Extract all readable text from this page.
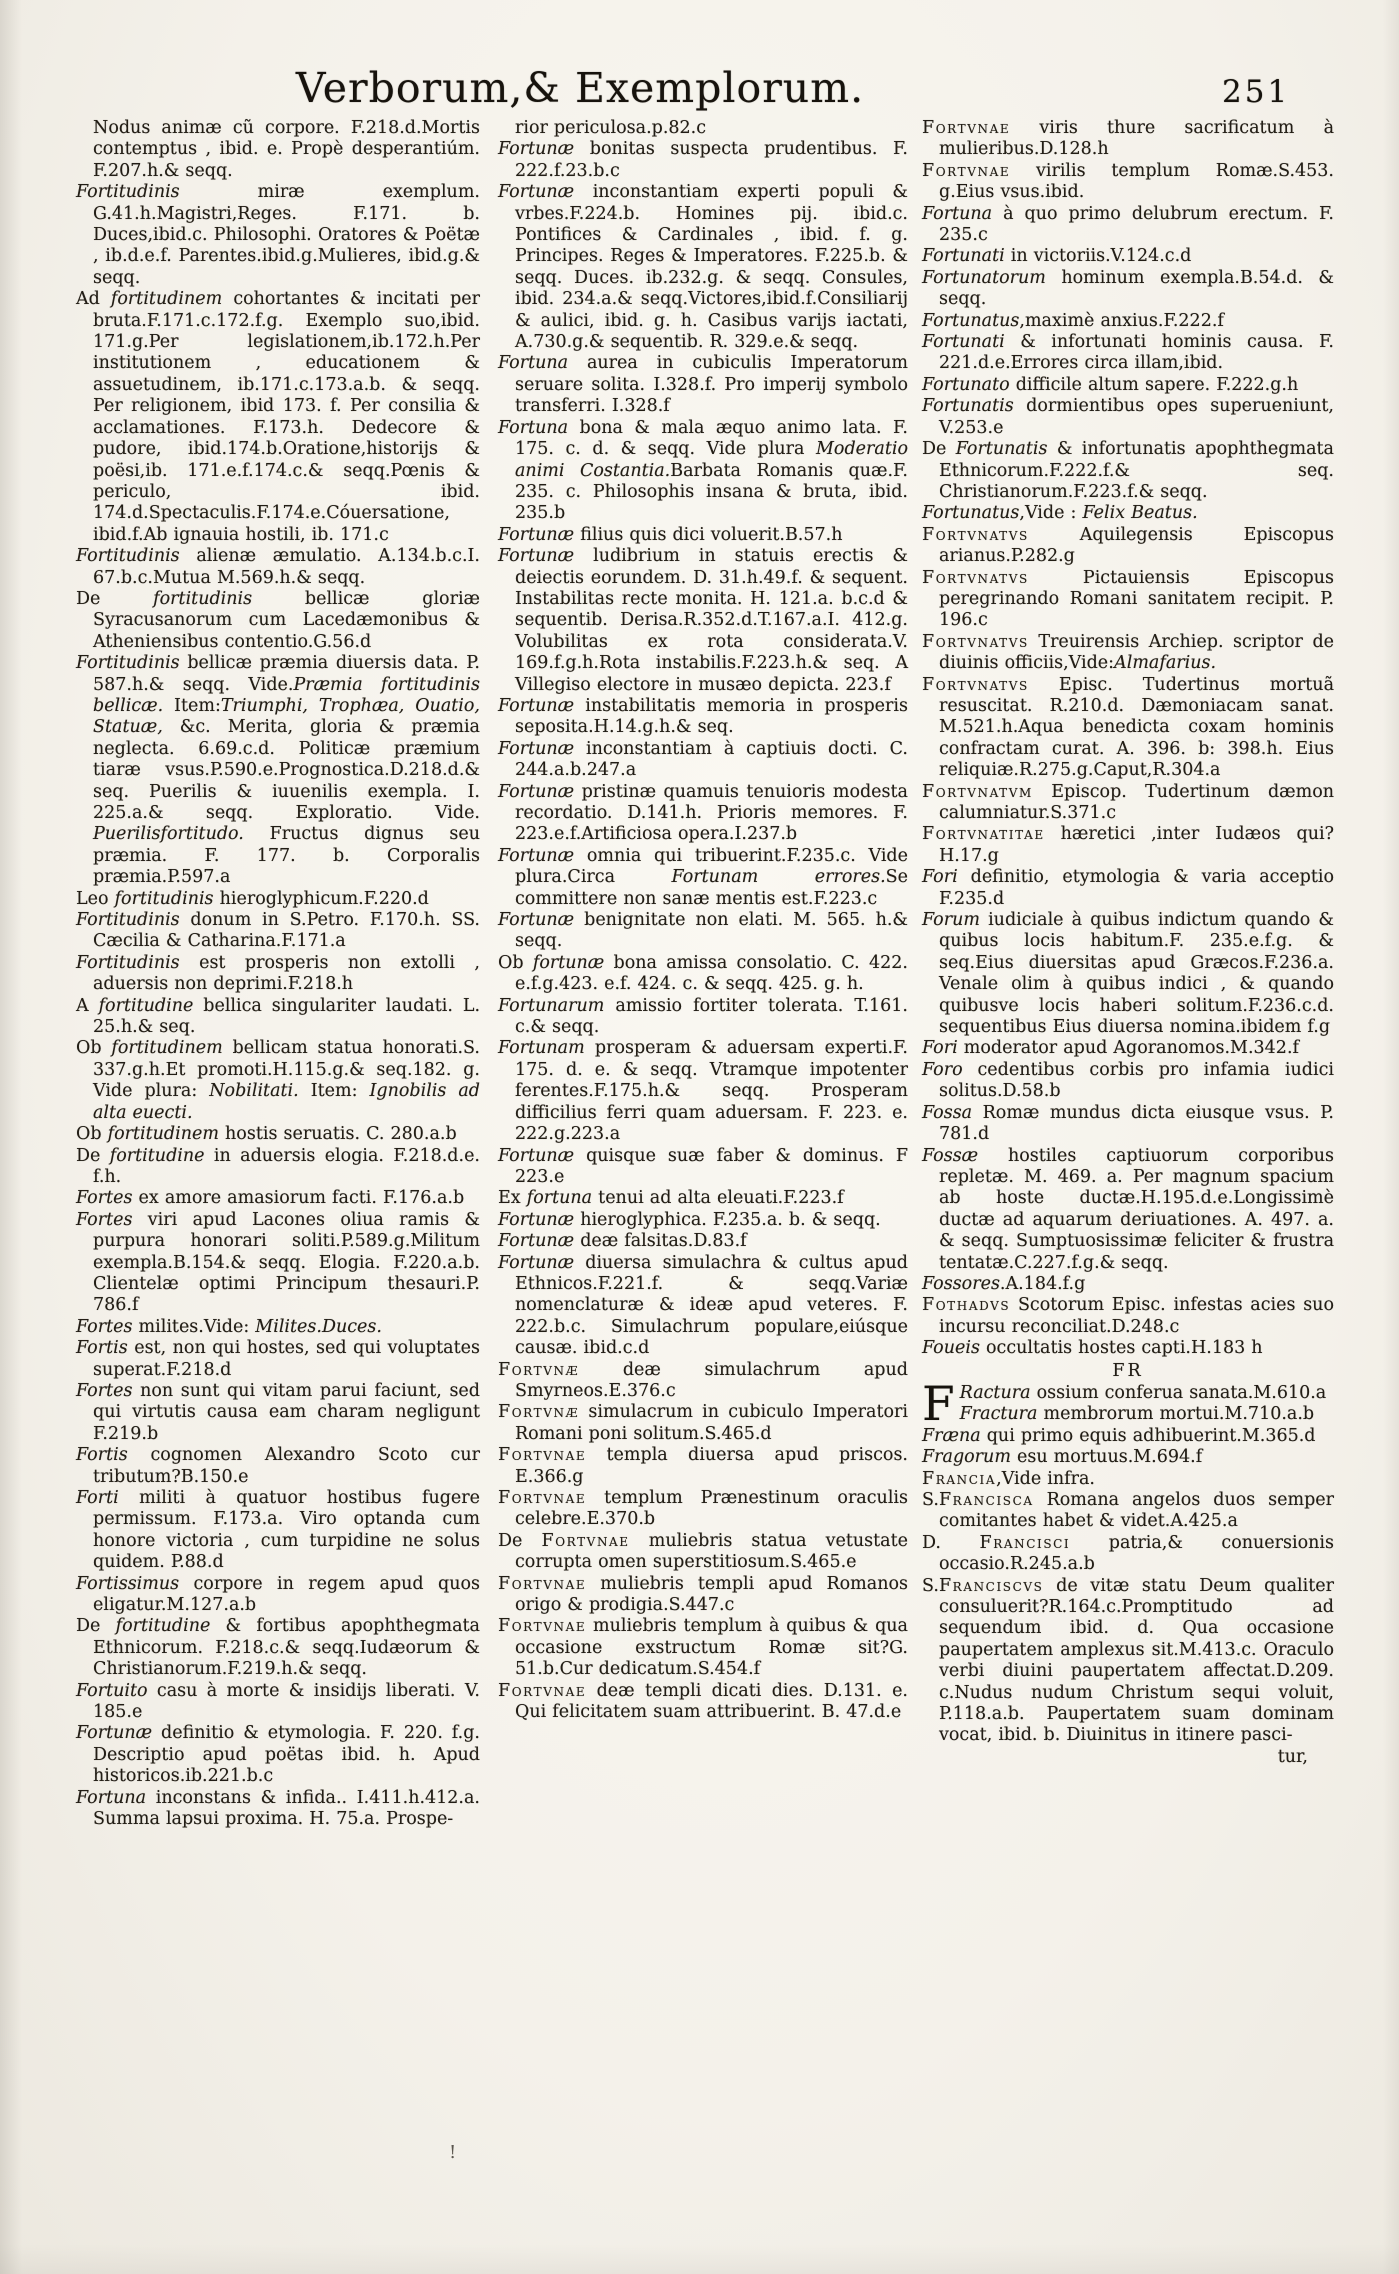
Verborum,& Exemplorum.	251

Nodus animæ cũ corpore. F.218.d.Mortis contemptus , ibid. e. Propè desperantiúm. F.207.h.& seqq.

Fortitudinis miræ exemplum. G.41.h.Magistri,Reges. F.171. b. Duces,ibid.c. Philosophi. Oratores & Poëtæ , ib.d.e.f. Parentes.ibid.g.Mulieres, ibid.g.& seqq.

Ad fortitudinem cohortantes & incitati per bruta.F.171.c.172.f.g. Exemplo suo,ibid. 171.g.Per legislationem,ib.172.h.Per institutionem , educationem & assuetudinem, ib.171.c.173.a.b. & seqq. Per religionem, ibid 173. f. Per consilia & acclamationes. F.173.h. Dedecore & pudore, ibid.174.b.Oratione,historijs & poësi,ib. 171.e.f.174.c.& seqq.Pœnis & periculo, ibid. 174.d.Spectaculis.F.174.e.Cóuersatione, ibid.f.Ab ignauia hostili, ib. 171.c

Fortitudinis alienæ æmulatio. A.134.b.c.I. 67.b.c.Mutua M.569.h.& seqq.

De fortitudinis bellicæ gloriæ Syracusanorum cum Lacedæmonibus & Atheniensibus contentio.G.56.d

Fortitudinis bellicæ præmia diuersis data. P. 587.h.& seqq. Vide.Præmia fortitudinis bellicæ. Item:Triumphi, Trophæa, Ouatio, Statuæ, &c. Merita, gloria & præmia neglecta. 6.69.c.d. Politicæ præmium tiaræ vsus.P.590.e.Prognostica.D.218.d.& seq. Puerilis & iuuenilis exempla. I. 225.a.& seqq. Exploratio. Vide. Puerilisfortitudo. Fructus dignus seu præmia. F. 177. b. Corporalis præmia.P.597.a

Leo fortitudinis hieroglyphicum.F.220.d

Fortitudinis donum in S.Petro. F.170.h. SS. Cæcilia & Catharina.F.171.a

Fortitudinis est prosperis non extolli , aduersis non deprimi.F.218.h

A fortitudine bellica singulariter laudati. L. 25.h.& seq.

Ob fortitudinem bellicam statua honorati.S. 337.g.h.Et promoti.H.115.g.& seq.182. g. Vide plura: Nobilitati. Item: Ignobilis ad alta euecti.

Ob fortitudinem hostis seruatis. C. 280.a.b

De fortitudine in aduersis elogia. F.218.d.e. f.h.

Fortes ex amore amasiorum facti. F.176.a.b

Fortes viri apud Lacones oliua ramis & purpura honorari soliti.P.589.g.Militum exempla.B.154.& seqq. Elogia. F.220.a.b. Clientelæ optimi Principum thesauri.P. 786.f

Fortes milites.Vide: Milites.Duces.

Fortis est, non qui hostes, sed qui voluptates superat.F.218.d

Fortes non sunt qui vitam parui faciunt, sed qui virtutis causa eam charam negligunt F.219.b

Fortis cognomen Alexandro Scoto cur tributum?B.150.e

Forti militi à quatuor hostibus fugere permissum. F.173.a. Viro optanda cum honore victoria , cum turpidine ne solus quidem. P.88.d

Fortissimus corpore in regem apud quos eligatur.M.127.a.b

De fortitudine & fortibus apophthegmata Ethnicorum. F.218.c.& seqq.Iudæorum & Christianorum.F.219.h.& seqq.

Fortuito casu à morte & insidijs liberati. V. 185.e

Fortunæ definitio & etymologia. F. 220. f.g. Descriptio apud poëtas ibid. h. Apud historicos.ib.221.b.c

Fortuna inconstans & infida.. I.411.h.412.a. Summa lapsui proxima. H. 75.a. Prospe-

rior periculosa.p.82.c

Fortunæ bonitas suspecta prudentibus. F. 222.f.23.b.c

Fortunæ inconstantiam experti populi & vrbes.F.224.b. Homines pij. ibid.c. Pontifices & Cardinales , ibid. f. g. Principes. Reges & Imperatores. F.225.b. & seqq. Duces. ib.232.g. & seqq. Consules, ibid. 234.a.& seqq.Victores,ibid.f.Consiliarij & aulici, ibid. g. h. Casibus varijs iactati, A.730.g.& sequentib. R. 329.e.& seqq.

Fortuna aurea in cubiculis Imperatorum seruare solita. I.328.f. Pro imperij symbolo transferri. I.328.f

Fortuna bona & mala æquo animo lata. F. 175. c. d. & seqq. Vide plura Moderatio animi Costantia.Barbata Romanis quæ.F. 235. c. Philosophis insana & bruta, ibid. 235.b

Fortunæ filius quis dici voluerit.B.57.h

Fortunæ ludibrium in statuis erectis & deiectis eorundem. D. 31.h.49.f. & sequent. Instabilitas recte monita. H. 121.a. b.c.d & sequentib. Derisa.R.352.d.T.167.a.I. 412.g. Volubilitas ex rota considerata.V. 169.f.g.h.Rota instabilis.F.223.h.& seq. A Villegiso electore in musæo depicta. 223.f

Fortunæ instabilitatis memoria in prosperis seposita.H.14.g.h.& seq.

Fortunæ inconstantiam à captiuis docti. C. 244.a.b.247.a

Fortunæ pristinæ quamuis tenuioris modesta recordatio. D.141.h. Prioris memores. F. 223.e.f.Artificiosa opera.I.237.b

Fortunæ omnia qui tribuerint.F.235.c. Vide plura.Circa Fortunam errores.Se committere non sanæ mentis est.F.223.c

Fortunæ benignitate non elati. M. 565. h.& seqq.

Ob fortunæ bona amissa consolatio. C. 422. e.f.g.423. e.f. 424. c. & seqq. 425. g. h.

Fortunarum amissio fortiter tolerata. T.161. c.& seqq.

Fortunam prosperam & aduersam experti.F. 175. d. e. & seqq. Vtramque impotenter ferentes.F.175.h.& seqq. Prosperam difficilius ferri quam aduersam. F. 223. e. 222.g.223.a

Fortunæ quisque suæ faber & dominus. F 223.e

Ex fortuna tenui ad alta eleuati.F.223.f

Fortunæ hieroglyphica. F.235.a. b. & seqq.

Fortunæ deæ falsitas.D.83.f

Fortunæ diuersa simulachra & cultus apud Ethnicos.F.221.f. & seqq.Variæ nomenclaturæ & ideæ apud veteres. F. 222.b.c. Simulachrum populare,eiúsque causæ. ibid.c.d

Fortvnæ deæ simulachrum apud Smyrneos.E.376.c

Fortvnæ simulacrum in cubiculo Imperatori Romani poni solitum.S.465.d

Fortvnae templa diuersa apud priscos. E.366.g

Fortvnae templum Prænestinum oraculis celebre.E.370.b

De Fortvnae muliebris statua vetustate corrupta omen superstitiosum.S.465.e

Fortvnae muliebris templi apud Romanos origo & prodigia.S.447.c

Fortvnae muliebris templum à quibus & qua occasione exstructum Romæ sit?G. 51.b.Cur dedicatum.S.454.f

Fortvnae deæ templi dicati dies. D.131. e. Qui felicitatem suam attribuerint. B. 47.d.e

Fortvnae viris thure sacrificatum à mulieribus.D.128.h

Fortvnae virilis templum Romæ.S.453. g.Eius vsus.ibid.

Fortuna à quo primo delubrum erectum. F. 235.c

Fortunati in victoriis.V.124.c.d

Fortunatorum hominum exempla.B.54.d. & seqq.

Fortunatus,maximè anxius.F.222.f

Fortunati & infortunati hominis causa. F. 221.d.e.Errores circa illam,ibid.

Fortunato difficile altum sapere. F.222.g.h

Fortunatis dormientibus opes superueniunt, V.253.e

De Fortunatis & infortunatis apophthegmata Ethnicorum.F.222.f.& seq. Christianorum.F.223.f.& seqq.

Fortunatus,Vide : Felix Beatus.

Fortvnatvs Aquilegensis Episcopus arianus.P.282.g

Fortvnatvs Pictauiensis Episcopus peregrinando Romani sanitatem recipit. P. 196.c

Fortvnatvs Treuirensis Archiep. scriptor de diuinis officiis,Vide:Almafarius.

Fortvnatvs Episc. Tudertinus mortuã resuscitat. R.210.d. Dæmoniacam sanat. M.521.h.Aqua benedicta coxam hominis confractam curat. A. 396. b: 398.h. Eius reliquiæ.R.275.g.Caput,R.304.a

Fortvnatvm Episcop. Tudertinum dæmon calumniatur.S.371.c

Fortvnatitae hæretici ,inter Iudæos qui?H.17.g

Fori definitio, etymologia & varia acceptio F.235.d

Forum iudiciale à quibus indictum quando & quibus locis habitum.F. 235.e.f.g. & seq.Eius diuersitas apud Græcos.F.236.a. Venale olim à quibus indici , & quando quibusve locis haberi solitum.F.236.c.d. sequentibus Eius diuersa nomina.ibidem f.g

Fori moderator apud Agoranomos.M.342.f

Foro cedentibus corbis pro infamia iudici solitus.D.58.b

Fossa Romæ mundus dicta eiusque vsus. P. 781.d

Fossæ hostiles captiuorum corporibus repletæ. M. 469. a. Per magnum spacium ab hoste ductæ.H.195.d.e.Longissimè ductæ ad aquarum deriuationes. A. 497. a. & seqq. Sumptuosissimæ feliciter & frustra tentatæ.C.227.f.g.& seqq.

Fossores.A.184.f.g

Fothadvs Scotorum Episc. infestas acies suo incursu reconciliat.D.248.c

Foueis occultatis hostes capti.H.183 h

FR
F Ractura ossium conferua sanata.M.610.a

Fractura membrorum mortui.M.710.a.b

Fræna qui primo equis adhibuerint.M.365.d

Fragorum esu mortuus.M.694.f

Francia,Vide infra.

S.Francisca Romana angelos duos semper comitantes habet & videt.A.425.a

D. Francisci patria,& conuersionis occasio.R.245.a.b

S.Franciscvs de vitæ statu Deum qualiter consuluerit?R.164.c.Promptitudo ad sequendum ibid. d. Qua occasione paupertatem amplexus sit.M.413.c. Oraculo verbi diuini paupertatem affectat.D.209. c.Nudus nudum Christum sequi voluit, P.118.a.b. Paupertatem suam dominam vocat, ibid. b. Diuinitus in itinere pasci-

tur,
!
